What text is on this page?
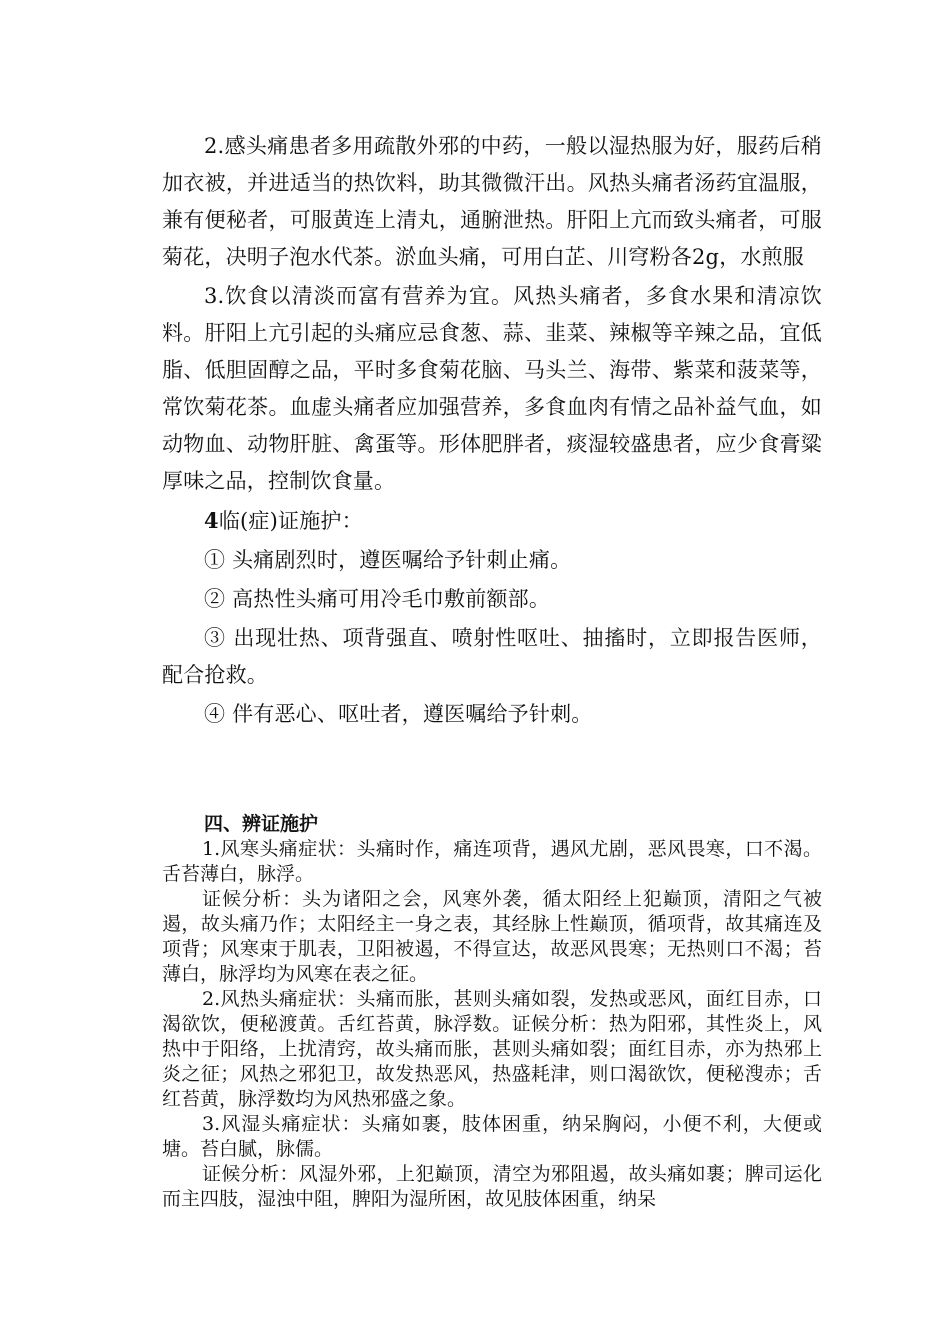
2.感头痛患者多用疏散外邪的中药，一般以湿热服为好，服药后稍加衣被，并进适当的热饮料，助其微微汗出。风热头痛者汤药宜温服，兼有便秘者，可服黄连上清丸，通腑泄热。肝阳上亢而致头痛者，可服菊花，决明子泡水代茶。淤血头痛，可用白芷、川穹粉各2g，水煎服

3.饮食以清淡而富有营养为宜。风热头痛者，多食水果和清凉饮料。肝阳上亢引起的头痛应忌食葱、蒜、韭菜、辣椒等辛辣之品，宜低脂、低胆固醇之品，平时多食菊花脑、马头兰、海带、紫菜和菠菜等，常饮菊花茶。血虚头痛者应加强营养，多食血肉有情之品补益气血，如动物血、动物肝脏、禽蛋等。形体肥胖者，痰湿较盛患者，应少食膏粱厚味之品，控制饮食量。

4临(症)证施护：

① 头痛剧烈时，遵医嘱给予针刺止痛。

② 高热性头痛可用冷毛巾敷前额部。

③ 出现壮热、项背强直、喷射性呕吐、抽搐时，立即报告医师，配合抢救。

④ 伴有恶心、呕吐者，遵医嘱给予针刺。

四、辨证施护

1.风寒头痛症状：头痛时作，痛连项背，遇风尤剧，恶风畏寒，口不渴。舌苔薄白，脉浮。

证候分析：头为诸阳之会，风寒外袭，循太阳经上犯巅顶，清阳之气被遏，故头痛乃作；太阳经主一身之表，其经脉上性巅顶，循项背，故其痛连及项背；风寒束于肌表，卫阳被遏，不得宣达，故恶风畏寒；无热则口不渴；苔薄白，脉浮均为风寒在表之征。

2.风热头痛症状：头痛而胀，甚则头痛如裂，发热或恶风，面红目赤，口渴欲饮，便秘渡黄。舌红苔黄，脉浮数。证候分析：热为阳邪，其性炎上，风热中于阳络，上扰清窍，故头痛而胀，甚则头痛如裂；面红目赤，亦为热邪上炎之征；风热之邪犯卫，故发热恶风，热盛耗津，则口渴欲饮，便秘溲赤；舌红苔黄，脉浮数均为风热邪盛之象。

3.风湿头痛症状：头痛如裹，肢体困重，纳呆胸闷，小便不利，大便或塘。苔白腻，脉儒。

证候分析：风湿外邪，上犯巅顶，清空为邪阻遏，故头痛如裹；脾司运化而主四肢，湿浊中阻，脾阳为湿所困，故见肢体困重，纳呆
